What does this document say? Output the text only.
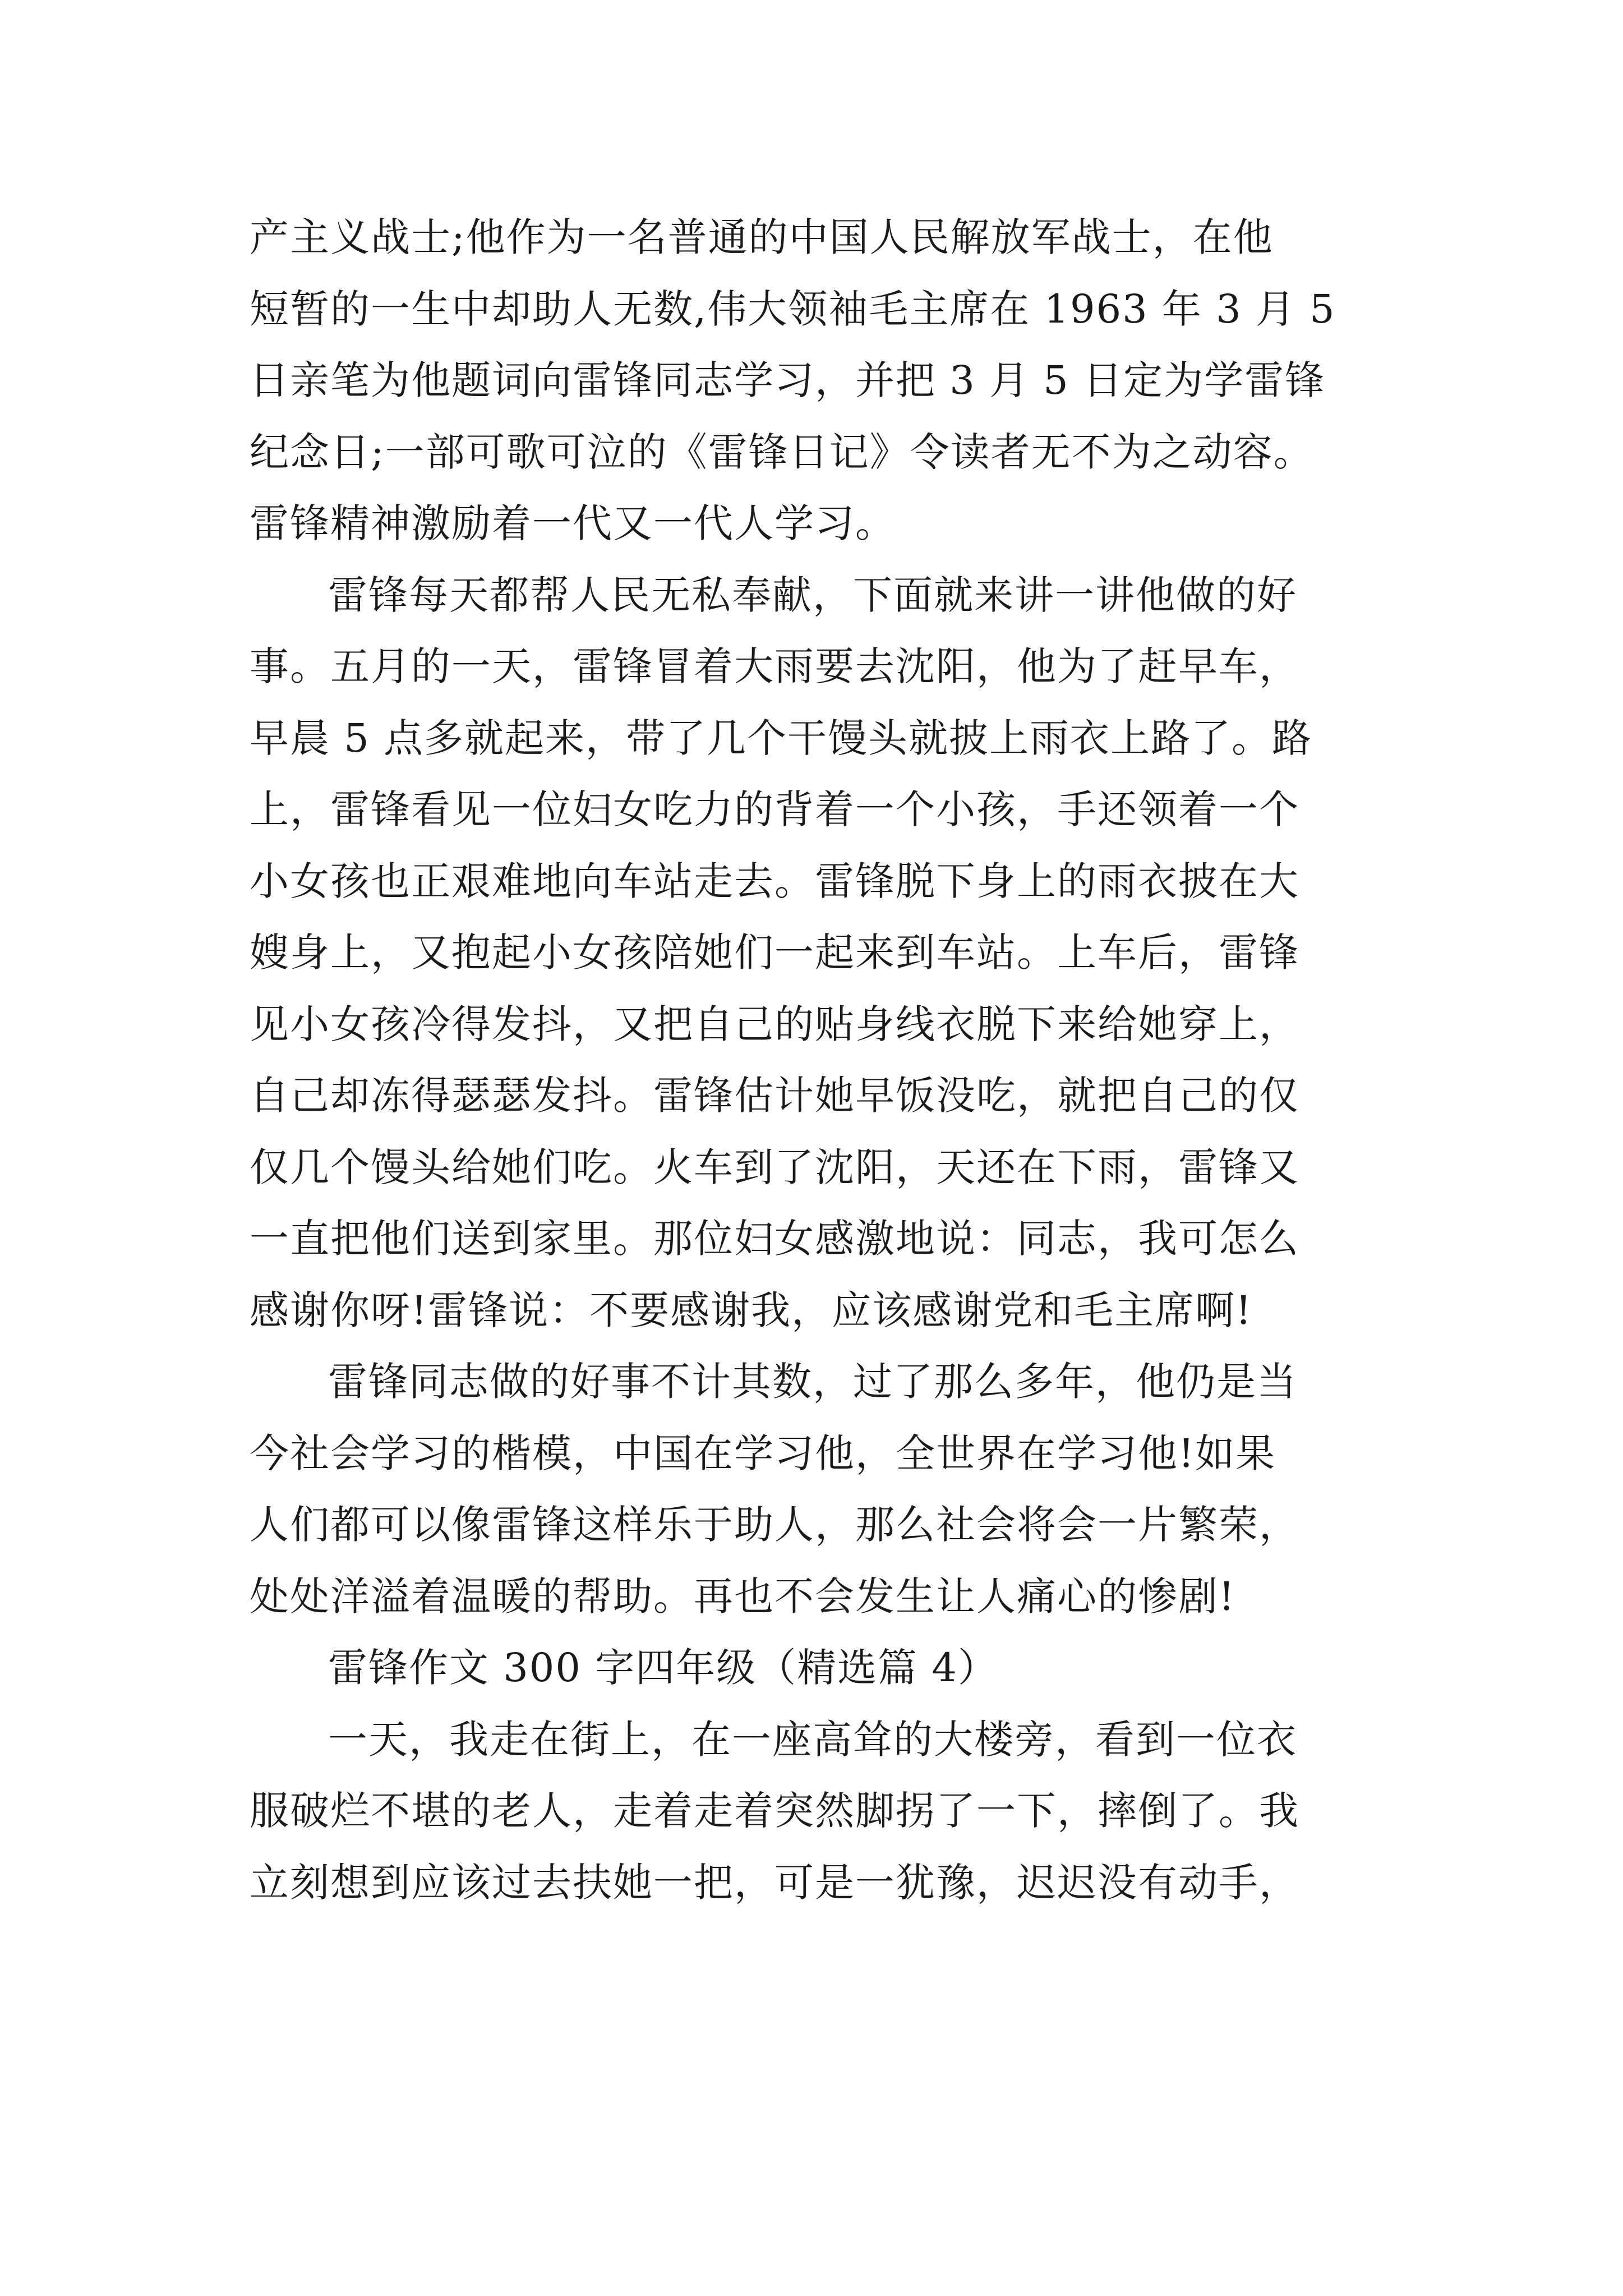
产主义战士;他作为一名普通的中国人民解放军战士，在他
短暂的一生中却助人无数,伟大领袖毛主席在 1963 年 3 月 5
日亲笔为他题词向雷锋同志学习，并把 3 月 5 日定为学雷锋
纪念日;一部可歌可泣的《雷锋日记》令读者无不为之动容。
雷锋精神激励着一代又一代人学习。
雷锋每天都帮人民无私奉献，下面就来讲一讲他做的好
事。五月的一天，雷锋冒着大雨要去沈阳，他为了赶早车，
早晨 5 点多就起来，带了几个干馒头就披上雨衣上路了。路
上，雷锋看见一位妇女吃力的背着一个小孩，手还领着一个
小女孩也正艰难地向车站走去。雷锋脱下身上的雨衣披在大
嫂身上，又抱起小女孩陪她们一起来到车站。上车后，雷锋
见小女孩冷得发抖，又把自己的贴身线衣脱下来给她穿上，
自己却冻得瑟瑟发抖。雷锋估计她早饭没吃，就把自己的仅
仅几个馒头给她们吃。火车到了沈阳，天还在下雨，雷锋又
一直把他们送到家里。那位妇女感激地说：同志，我可怎么
感谢你呀!雷锋说：不要感谢我，应该感谢党和毛主席啊!
雷锋同志做的好事不计其数，过了那么多年，他仍是当
今社会学习的楷模，中国在学习他，全世界在学习他!如果
人们都可以像雷锋这样乐于助人，那么社会将会一片繁荣，
处处洋溢着温暖的帮助。再也不会发生让人痛心的惨剧!
雷锋作文 300 字四年级（精选篇 4）
一天，我走在街上，在一座高耸的大楼旁，看到一位衣
服破烂不堪的老人，走着走着突然脚拐了一下，摔倒了。我
立刻想到应该过去扶她一把，可是一犹豫，迟迟没有动手，
